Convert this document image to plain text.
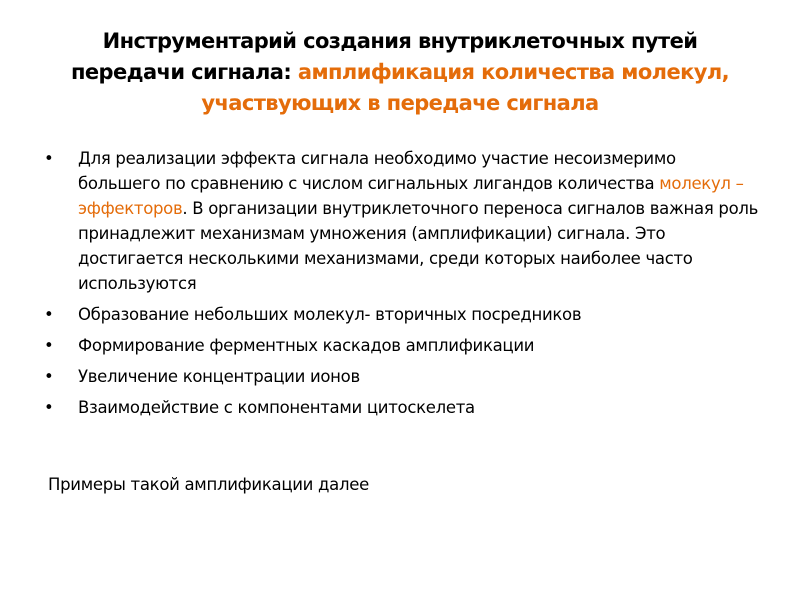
Инструментарий создания внутриклеточных путей передачи сигнала: амплификация количества молекул, участвующих в передаче сигнала
• Для реализации эффекта сигнала необходимо участие несоизмеримо большего по сравнению с числом сигнальных лигандов количества молекул – эффекторов. В организации внутриклеточного переноса сигналов важная роль принадлежит механизмам умножения (амплификации) сигнала. Это достигается несколькими механизмами, среди которых наиболее часто используются
• Образование небольших молекул- вторичных посредников
• Формирование ферментных каскадов амплификации
• Увеличение концентрации ионов
• Взаимодействие с компонентами цитоскелета
Примеры такой амплификации далее
